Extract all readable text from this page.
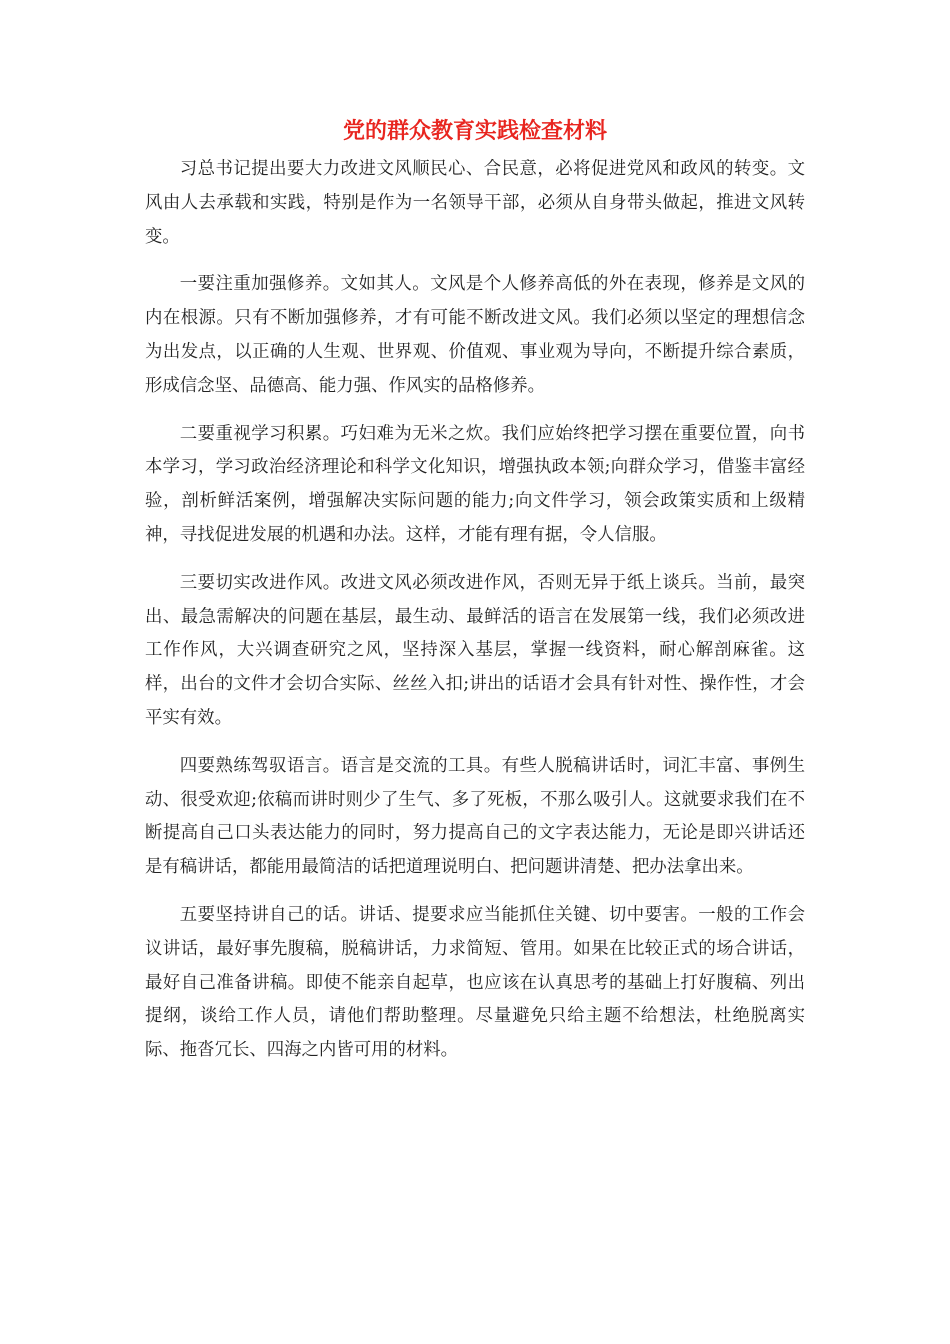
党的群众教育实践检查材料

习总书记提出要大力改进文风顺民心、合民意，必将促进党风和政风的转变。文风由人去承载和实践，特别是作为一名领导干部，必须从自身带头做起，推进文风转变。

一要注重加强修养。文如其人。文风是个人修养高低的外在表现，修养是文风的内在根源。只有不断加强修养，才有可能不断改进文风。我们必须以坚定的理想信念为出发点，以正确的人生观、世界观、价值观、事业观为导向，不断提升综合素质，形成信念坚、品德高、能力强、作风实的品格修养。

二要重视学习积累。巧妇难为无米之炊。我们应始终把学习摆在重要位置，向书本学习，学习政治经济理论和科学文化知识，增强执政本领;向群众学习，借鉴丰富经验，剖析鲜活案例，增强解决实际问题的能力;向文件学习，领会政策实质和上级精神，寻找促进发展的机遇和办法。这样，才能有理有据，令人信服。

三要切实改进作风。改进文风必须改进作风，否则无异于纸上谈兵。当前，最突出、最急需解决的问题在基层，最生动、最鲜活的语言在发展第一线，我们必须改进工作作风，大兴调查研究之风，坚持深入基层，掌握一线资料，耐心解剖麻雀。这样，出台的文件才会切合实际、丝丝入扣;讲出的话语才会具有针对性、操作性，才会平实有效。

四要熟练驾驭语言。语言是交流的工具。有些人脱稿讲话时，词汇丰富、事例生动、很受欢迎;依稿而讲时则少了生气、多了死板，不那么吸引人。这就要求我们在不断提高自己口头表达能力的同时，努力提高自己的文字表达能力，无论是即兴讲话还是有稿讲话，都能用最简洁的话把道理说明白、把问题讲清楚、把办法拿出来。

五要坚持讲自己的话。讲话、提要求应当能抓住关键、切中要害。一般的工作会议讲话，最好事先腹稿，脱稿讲话，力求简短、管用。如果在比较正式的场合讲话，最好自己准备讲稿。即使不能亲自起草，也应该在认真思考的基础上打好腹稿、列出提纲，谈给工作人员，请他们帮助整理。尽量避免只给主题不给想法，杜绝脱离实际、拖沓冗长、四海之内皆可用的材料。
